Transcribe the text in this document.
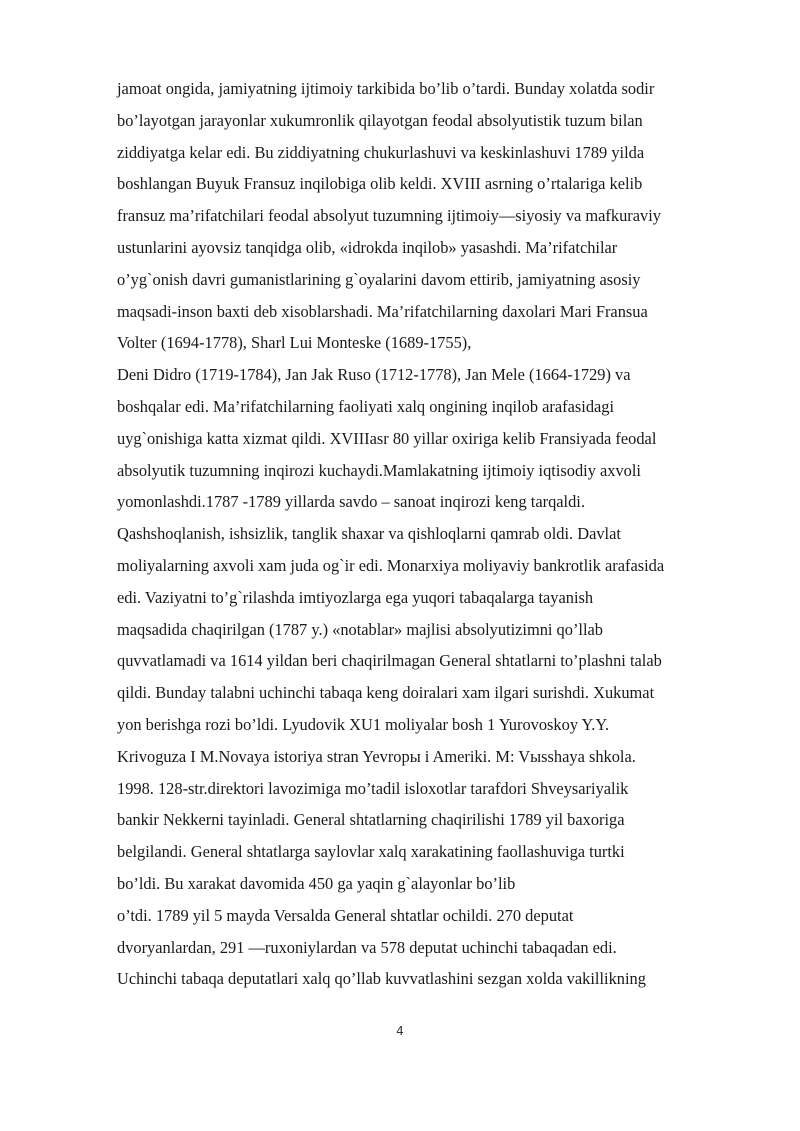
jamoat ongida, jamiyatning ijtimoiy tarkibida bo’lib o’tardi. Bunday xolatda sodir
bo’layotgan jarayonlar xukumronlik qilayotgan feodal absolyutistik tuzum bilan
ziddiyatga kelar edi. Bu ziddiyatning chukurlashuvi va keskinlashuvi 1789 yilda
boshlangan Buyuk Fransuz inqilobiga olib keldi. XVIII asrning o’rtalariga kelib
fransuz ma’rifatchilari feodal absolyut tuzumning ijtimoiy—siyosiy va mafkuraviy
ustunlarini ayovsiz tanqidga olib, «idrokda inqilob» yasashdi. Ma’rifatchilar
o’yg`onish davri gumanistlarining g`oyalarini davom ettirib, jamiyatning asosiy
maqsadi-inson baxti deb xisoblarshadi. Ma’rifatchilarning daxolari Mari Fransua
Volter (1694-1778), Sharl Lui Monteske (1689-1755),
Deni Didro (1719-1784), Jan Jak Ruso (1712-1778), Jan Mele (1664-1729) va
boshqalar edi. Ma’rifatchilarning faoliyati xalq ongining inqilob arafasidagi
uyg`onishiga katta xizmat qildi. XVIIIasr 80 yillar oxiriga kelib Fransiyada feodal
absolyutik tuzumning inqirozi kuchaydi.Mamlakatning ijtimoiy iqtisodiy axvoli
yomonlashdi.1787 -1789 yillarda savdo – sanoat inqirozi keng tarqaldi.
Qashshoqlanish, ishsizlik, tanglik shaxar va qishloqlarni qamrab oldi. Davlat
moliyalarning axvoli xam juda og`ir edi. Monarxiya moliyaviy bankrotlik arafasida
edi. Vaziyatni to’g`rilashda imtiyozlarga ega yuqori tabaqalarga tayanish
maqsadida chaqirilgan (1787 y.) «notablar» majlisi absolyutizimni qo’llab
quvvatlamadi va 1614 yildan beri chaqirilmagan General shtatlarni to’plashni talab
qildi. Bunday talabni uchinchi tabaqa keng doiralari xam ilgari surishdi. Xukumat
yon berishga rozi bo’ldi. Lyudovik XU1 moliyalar bosh 1 Yurovoskoy Y.Y.
Krivoguza I M.Novaya istoriya stran Yevropы i Ameriki. M: Vыsshaya shkola.
1998. 128-str.direktori lavozimiga mo’tadil isloxotlar tarafdori Shveysariyalik
bankir Nekkerni tayinladi. General shtatlarning chaqirilishi 1789 yil baxoriga
belgilandi. General shtatlarga saylovlar xalq xarakatining faollashuviga turtki
bo’ldi. Bu xarakat davomida 450 ga yaqin g`alayonlar bo’lib
o’tdi. 1789 yil 5 mayda Versalda General shtatlar ochildi. 270 deputat
dvoryanlardan, 291 —ruxoniylardan va 578 deputat uchinchi tabaqadan edi.
Uchinchi tabaqa deputatlari xalq qo’llab kuvvatlashini sezgan xolda vakillikning
4
